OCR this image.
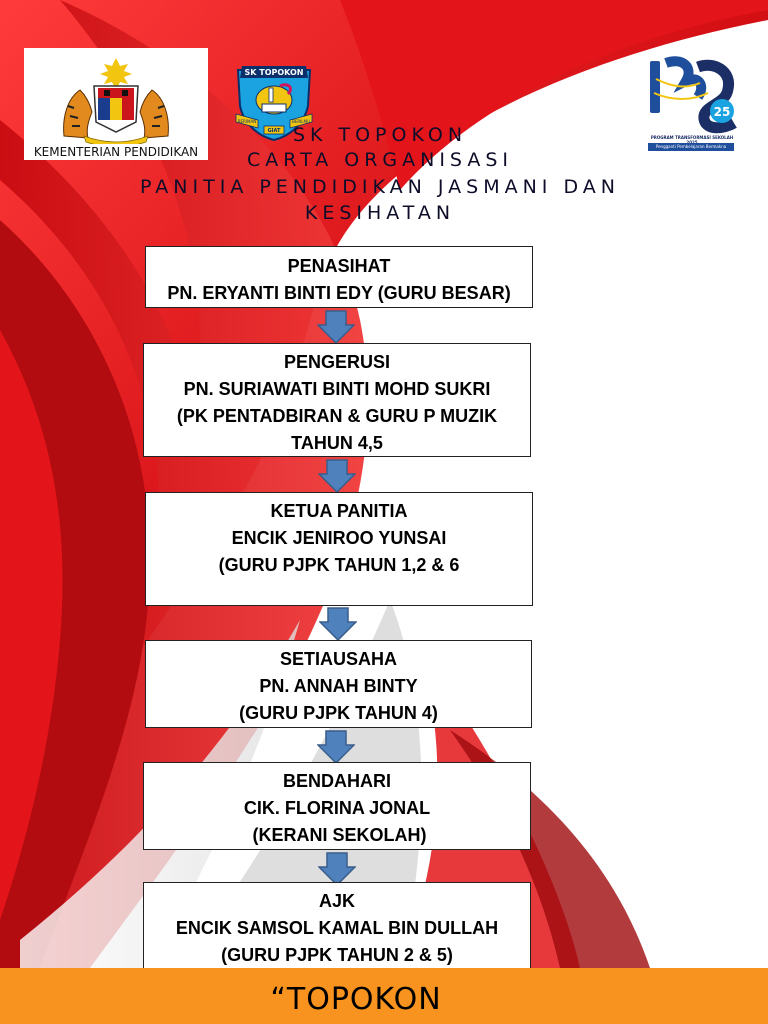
KEMENTERIAN PENDIDIKAN
SK TOPOKON
BERIMAN	BERILMU
GIAT
25
PROGRAM TRANSFORMASI SEKOLAH
Pengganti Pembelajaran Bermakna
SK TOPOKON
CARTA ORGANISASI
PANITIA PENDIDIKAN JASMANI DAN
KESIHATAN
PENASIHAT
PN. ERYANTI BINTI EDY (GURU BESAR)
PENGERUSI
PN. SURIAWATI BINTI MOHD SUKRI
(PK PENTADBIRAN & GURU P MUZIK
TAHUN 4,5
KETUA PANITIA
ENCIK JENIROO YUNSAI
(GURU PJPK TAHUN 1,2 & 6
SETIAUSAHA
PN. ANNAH BINTY
(GURU PJPK TAHUN 4)
BENDAHARI
CIK. FLORINA JONAL
(KERANI SEKOLAH)
AJK
ENCIK SAMSOL KAMAL BIN DULLAH
(GURU PJPK TAHUN 2 & 5)
“TOPOKON
